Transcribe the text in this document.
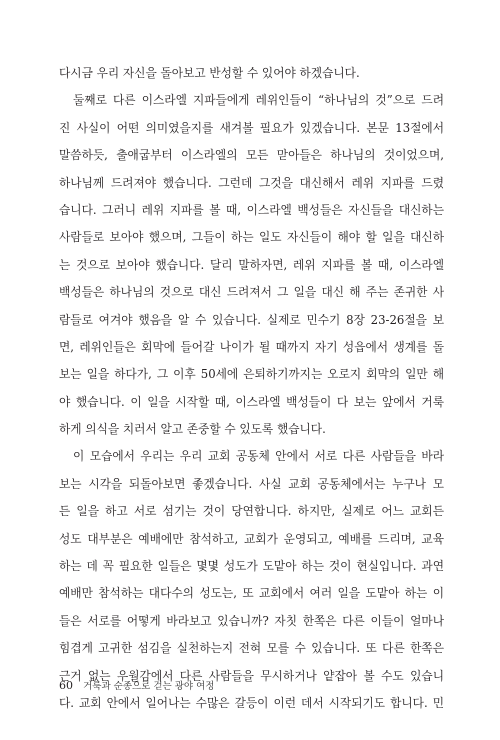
다시금 우리 자신을 돌아보고 반성할 수 있어야 하겠습니다.
둘째로 다른 이스라엘 지파들에게 레위인들이 “하나님의 것”으로 드려
진 사실이 어떤 의미였을지를 새겨볼 필요가 있겠습니다. 본문 13절에서
말씀하듯, 출애굽부터 이스라엘의 모든 맏아들은 하나님의 것이었으며,
하나님께 드려져야 했습니다. 그런데 그것을 대신해서 레위 지파를 드렸
습니다. 그러니 레위 지파를 볼 때, 이스라엘 백성들은 자신들을 대신하는
사람들로 보아야 했으며, 그들이 하는 일도 자신들이 해야 할 일을 대신하
는 것으로 보아야 했습니다. 달리 말하자면, 레위 지파를 볼 때, 이스라엘
백성들은 하나님의 것으로 대신 드려져서 그 일을 대신 해 주는 존귀한 사
람들로 여겨야 했음을 알 수 있습니다. 실제로 민수기 8장 23-26절을 보
면, 레위인들은 회막에 들어갈 나이가 될 때까지 자기 성읍에서 생계를 돌
보는 일을 하다가, 그 이후 50세에 은퇴하기까지는 오로지 회막의 일만 해
야 했습니다. 이 일을 시작할 때, 이스라엘 백성들이 다 보는 앞에서 거룩
하게 의식을 치러서 알고 존중할 수 있도록 했습니다.
이 모습에서 우리는 우리 교회 공동체 안에서 서로 다른 사람들을 바라
보는 시각을 되돌아보면 좋겠습니다. 사실 교회 공동체에서는 누구나 모
든 일을 하고 서로 섬기는 것이 당연합니다. 하지만, 실제로 어느 교회든
성도 대부분은 예배에만 참석하고, 교회가 운영되고, 예배를 드리며, 교육
하는 데 꼭 필요한 일들은 몇몇 성도가 도맡아 하는 것이 현실입니다. 과연
예배만 참석하는 대다수의 성도는, 또 교회에서 여러 일을 도맡아 하는 이
들은 서로를 어떻게 바라보고 있습니까? 자칫 한쪽은 다른 이들이 얼마나
힘겹게 고귀한 섬김을 실천하는지 전혀 모를 수 있습니다. 또 다른 한쪽은
근거 없는 우월감에서 다른 사람들을 무시하거나 얕잡아 볼 수도 있습니
다. 교회 안에서 일어나는 수많은 갈등이 이런 데서 시작되기도 합니다. 민
60 거룩과 순종으로 걷는 광야 여정
